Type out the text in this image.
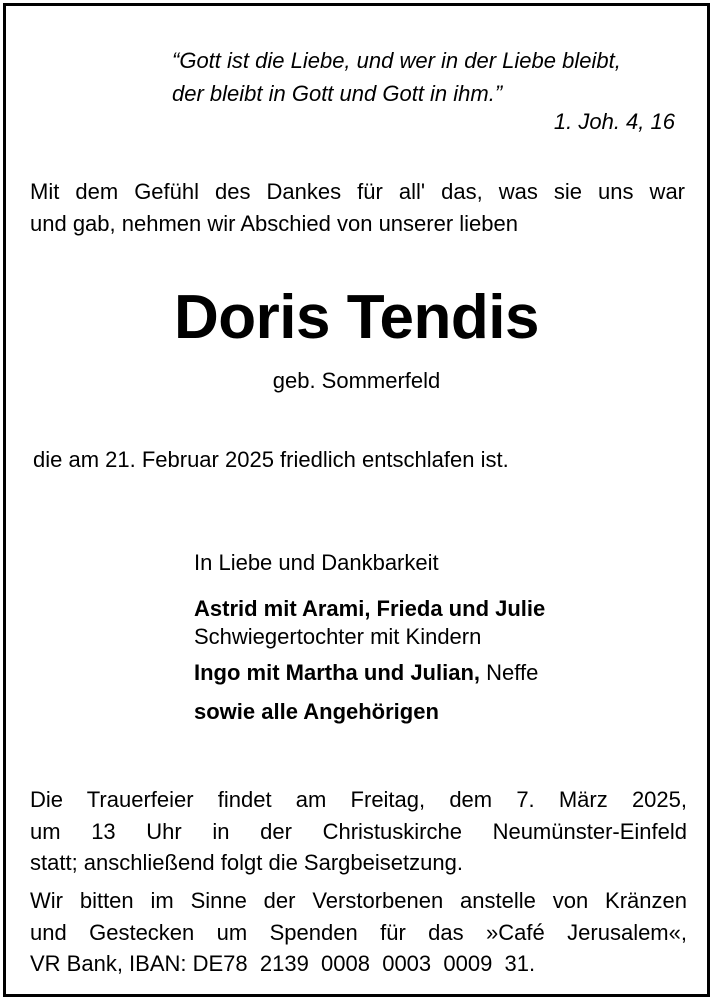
“Gott ist die Liebe, und wer in der Liebe bleibt,
der bleibt in Gott und Gott in ihm.”

1. Joh. 4, 16

Mit dem Gefühl des Dankes für all' das, was sie uns war
und gab, nehmen wir Abschied von unserer lieben
Doris Tendis

geb. Sommerfeld

die am 21. Februar 2025 friedlich entschlafen ist.

In Liebe und Dankbarkeit
Astrid mit Arami, Frieda und Julie
Schwiegertochter mit Kindern
Ingo mit Martha und Julian, Neffe
sowie alle Angehörigen
Die Trauerfeier findet am Freitag, dem 7. März 2025,
um 13 Uhr in der Christuskirche Neumünster-Einfeld
statt; anschließend folgt die Sargbeisetzung.
Wir bitten im Sinne der Verstorbenen anstelle von Kränzen
und Gestecken um Spenden für das »Café Jerusalem«,
VR Bank, IBAN: DE78  2139  0008  0003  0009  31.
